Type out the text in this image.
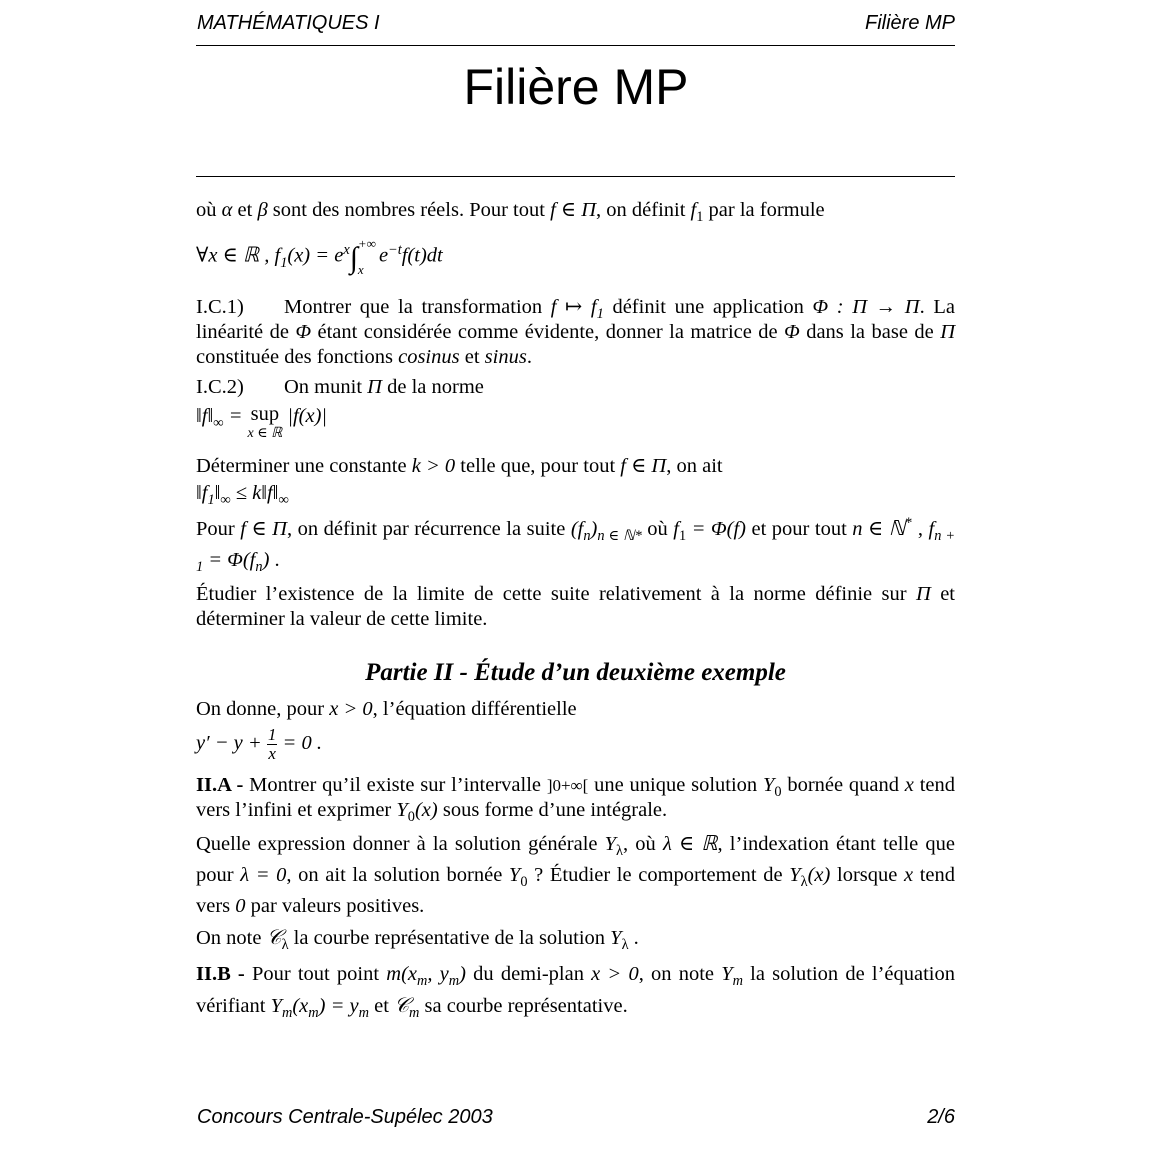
MATHÉMATIQUES I	Filière MP
Filière MP

où α et β sont des nombres réels. Pour tout f ∈ Π, on définit $f_1$ par la formule

∀x ∈ ℝ , $f_1(x) = e^x\int$ +∞
x
$e^{-t}f(t)dt$

I.C.1) Montrer que la transformation f ↦ $f_1$ définit une application Φ : Π → Π. La linéarité de Φ étant considérée comme évidente, donner la matrice de Φ dans la base de Π constituée des fonctions cosinus et sinus.

I.C.2) On munit Π de la norme

$‖f‖_\infty$ = sup
x ∈ ℝ
|f(x)|

Déterminer une constante k > 0 telle que, pour tout f ∈ Π, on ait

$‖f_1‖_\infty$ ≤ $k‖f‖_\infty$

Pour f ∈ Π, on définit par récurrence la suite $(f_n)_{n \in ℕ*}$ où $f_1 = \Phi(f)$ et pour tout n ∈ ℕ* , $f_{n + 1} = \Phi(f_n)$ .

Étudier l’existence de la limite de cette suite relativement à la norme définie sur Π et déterminer la valeur de cette limite.

Partie II - Étude d’un deuxième exemple

On donne, pour x > 0, l’équation différentielle

$y' - y + \frac{1}{x} = 0$ .

II.A - Montrer qu’il existe sur l’intervalle ]0+∞[ une unique solution $Y_0$ bornée quand x tend vers l’infini et exprimer $Y_0(x)$ sous forme d’une intégrale.

Quelle expression donner à la solution générale $Y_\lambda$, où λ ∈ ℝ, l’indexation étant telle que pour λ = 0, on ait la solution bornée $Y_0$ ? Étudier le comportement de $Y_\lambda(x)$ lorsque x tend vers 0 par valeurs positives.

On note 𝒞$_\lambda$ la courbe représentative de la solution $Y_\lambda$ .

II.B - Pour tout point $m(x_m$, $y_m$) du demi-plan x > 0, on note $Y_m$ la solution de l’équation vérifiant $Y_m(x_m) = y_m$ et 𝒞$_m$ sa courbe représentative.

Concours Centrale-Supélec 2003	2/6
